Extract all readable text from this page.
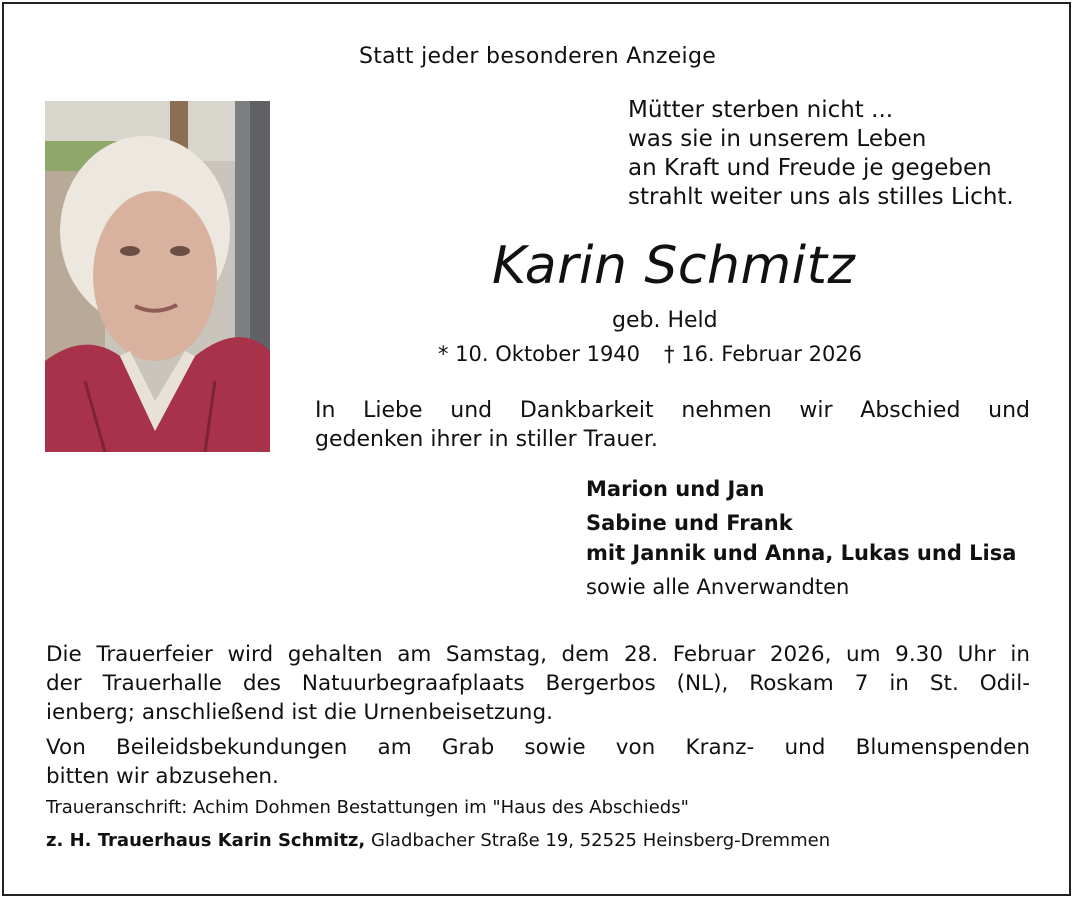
Statt jeder besonderen Anzeige
Mütter sterben nicht ...
was sie in unserem Leben
an Kraft und Freude je gegeben
strahlt weiter uns als stilles Licht.
Karin Schmitz
geb. Held
* 10. Oktober 1940 † 16. Februar 2026
In Liebe und Dankbarkeit nehmen wir Abschied und
gedenken ihrer in stiller Trauer.
Marion und Jan
Sabine und Frank
mit Jannik und Anna, Lukas und Lisa
sowie alle Anverwandten
Die Trauerfeier wird gehalten am Samstag, dem 28. Februar 2026, um 9.30 Uhr in
der Trauerhalle des Natuurbegraafplaats Bergerbos (NL), Roskam 7 in St. Odil-
ienberg; anschließend ist die Urnenbeisetzung.
Von Beileidsbekundungen am Grab sowie von Kranz- und Blumenspenden
bitten wir abzusehen.
Traueranschrift: Achim Dohmen Bestattungen im "Haus des Abschieds"
z. H. Trauerhaus Karin Schmitz, Gladbacher Straße 19, 52525 Heinsberg-Dremmen
